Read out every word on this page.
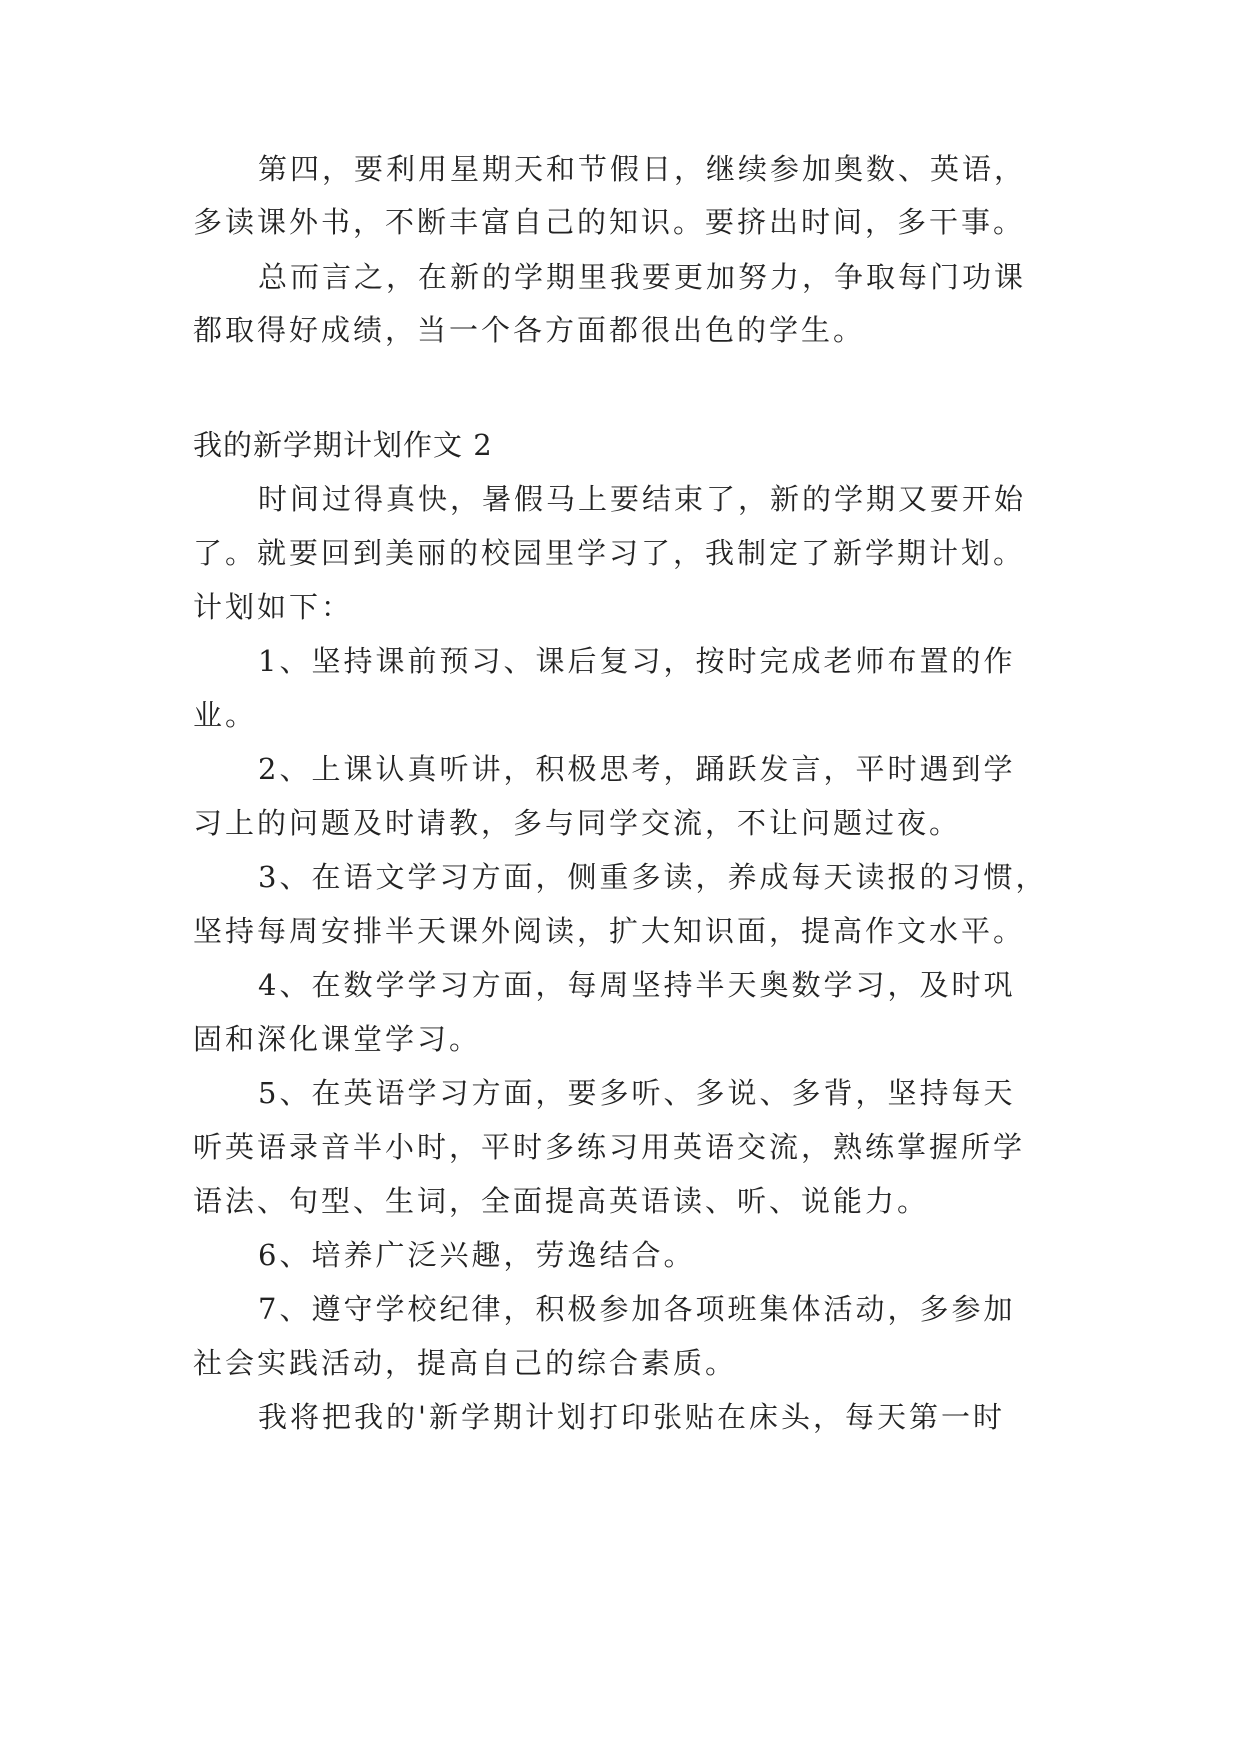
第四，要利用星期天和节假日，继续参加奥数、英语，
多读课外书，不断丰富自己的知识。要挤出时间，多干事。
总而言之，在新的学期里我要更加努力，争取每门功课
都取得好成绩，当一个各方面都很出色的学生。
我的新学期计划作文 2
时间过得真快，暑假马上要结束了，新的学期又要开始
了。就要回到美丽的校园里学习了，我制定了新学期计划。
计划如下：
1、坚持课前预习、课后复习，按时完成老师布置的作
业。
2、上课认真听讲，积极思考，踊跃发言，平时遇到学
习上的问题及时请教，多与同学交流，不让问题过夜。
3、在语文学习方面，侧重多读，养成每天读报的习惯，
坚持每周安排半天课外阅读，扩大知识面，提高作文水平。
4、在数学学习方面，每周坚持半天奥数学习，及时巩
固和深化课堂学习。
5、在英语学习方面，要多听、多说、多背，坚持每天
听英语录音半小时，平时多练习用英语交流，熟练掌握所学
语法、句型、生词，全面提高英语读、听、说能力。
6、培养广泛兴趣，劳逸结合。
7、遵守学校纪律，积极参加各项班集体活动，多参加
社会实践活动，提高自己的综合素质。
我将把我的'新学期计划打印张贴在床头，每天第一时
